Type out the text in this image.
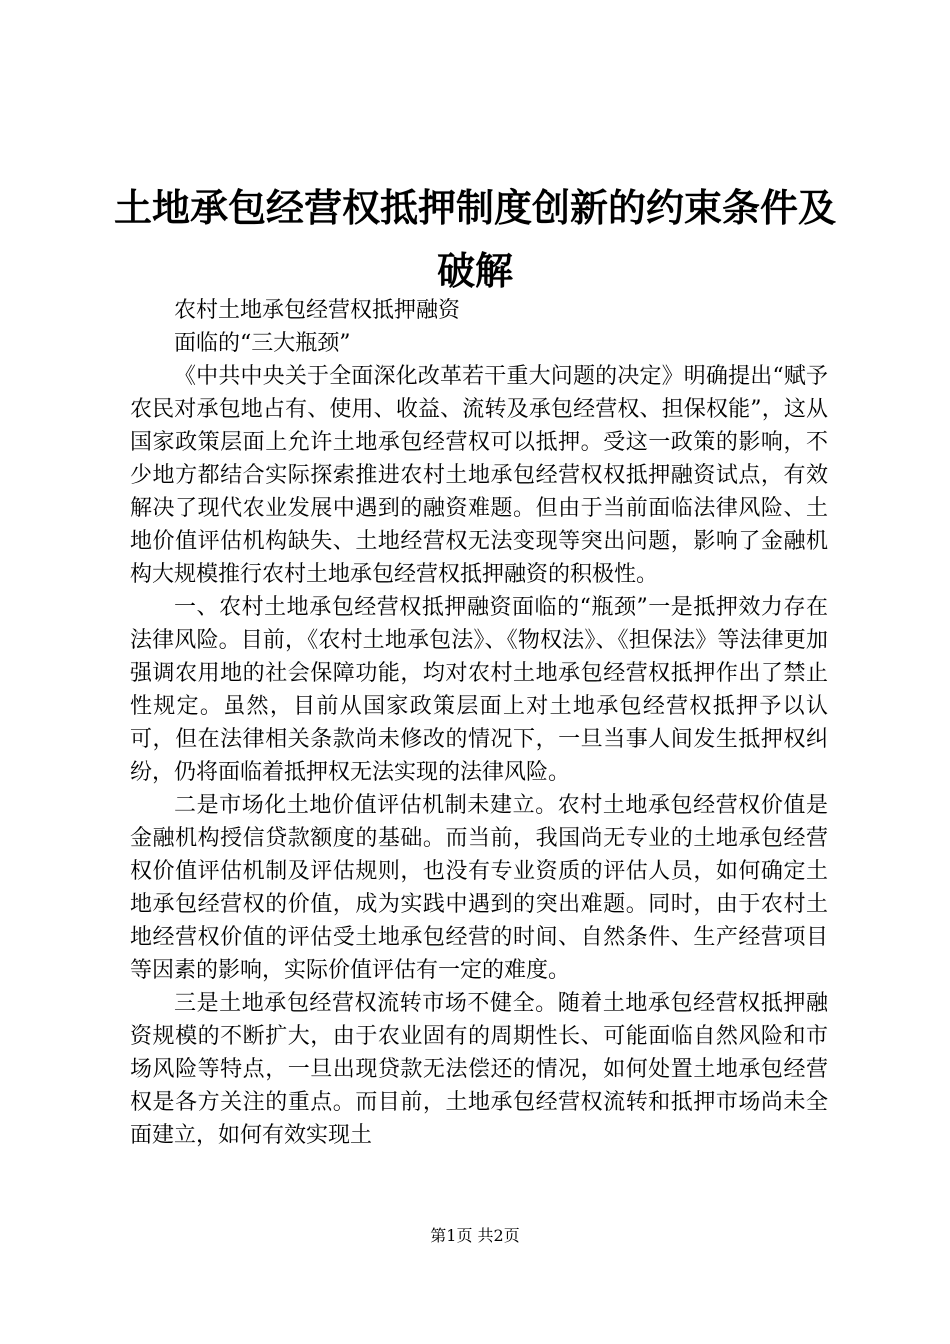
土地承包经营权抵押制度创新的约束条件及破解

农村土地承包经营权抵押融资

面临的“三大瓶颈”

《中共中央关于全面深化改革若干重大问题的决定》明确提出“赋予农民对承包地占有、使用、收益、流转及承包经营权、担保权能”，这从国家政策层面上允许土地承包经营权可以抵押。受这一政策的影响，不少地方都结合实际探索推进农村土地承包经营权权抵押融资试点，有效解决了现代农业发展中遇到的融资难题。但由于当前面临法律风险、土地价值评估机构缺失、土地经营权无法变现等突出问题，影响了金融机构大规模推行农村土地承包经营权抵押融资的积极性。

一、农村土地承包经营权抵押融资面临的“瓶颈”一是抵押效力存在法律风险。目前，《农村土地承包法》、《物权法》、《担保法》等法律更加强调农用地的社会保障功能，均对农村土地承包经营权抵押作出了禁止性规定。虽然，目前从国家政策层面上对土地承包经营权抵押予以认可，但在法律相关条款尚未修改的情况下，一旦当事人间发生抵押权纠纷，仍将面临着抵押权无法实现的法律风险。

二是市场化土地价值评估机制未建立。农村土地承包经营权价值是金融机构授信贷款额度的基础。而当前，我国尚无专业的土地承包经营权价值评估机制及评估规则，也没有专业资质的评估人员，如何确定土地承包经营权的价值，成为实践中遇到的突出难题。同时，由于农村土地经营权价值的评估受土地承包经营的时间、自然条件、生产经营项目等因素的影响，实际价值评估有一定的难度。

三是土地承包经营权流转市场不健全。随着土地承包经营权抵押融资规模的不断扩大，由于农业固有的周期性长、可能面临自然风险和市场风险等特点，一旦出现贷款无法偿还的情况，如何处置土地承包经营权是各方关注的重点。而目前，土地承包经营权流转和抵押市场尚未全面建立，如何有效实现土

第1页 共2页
